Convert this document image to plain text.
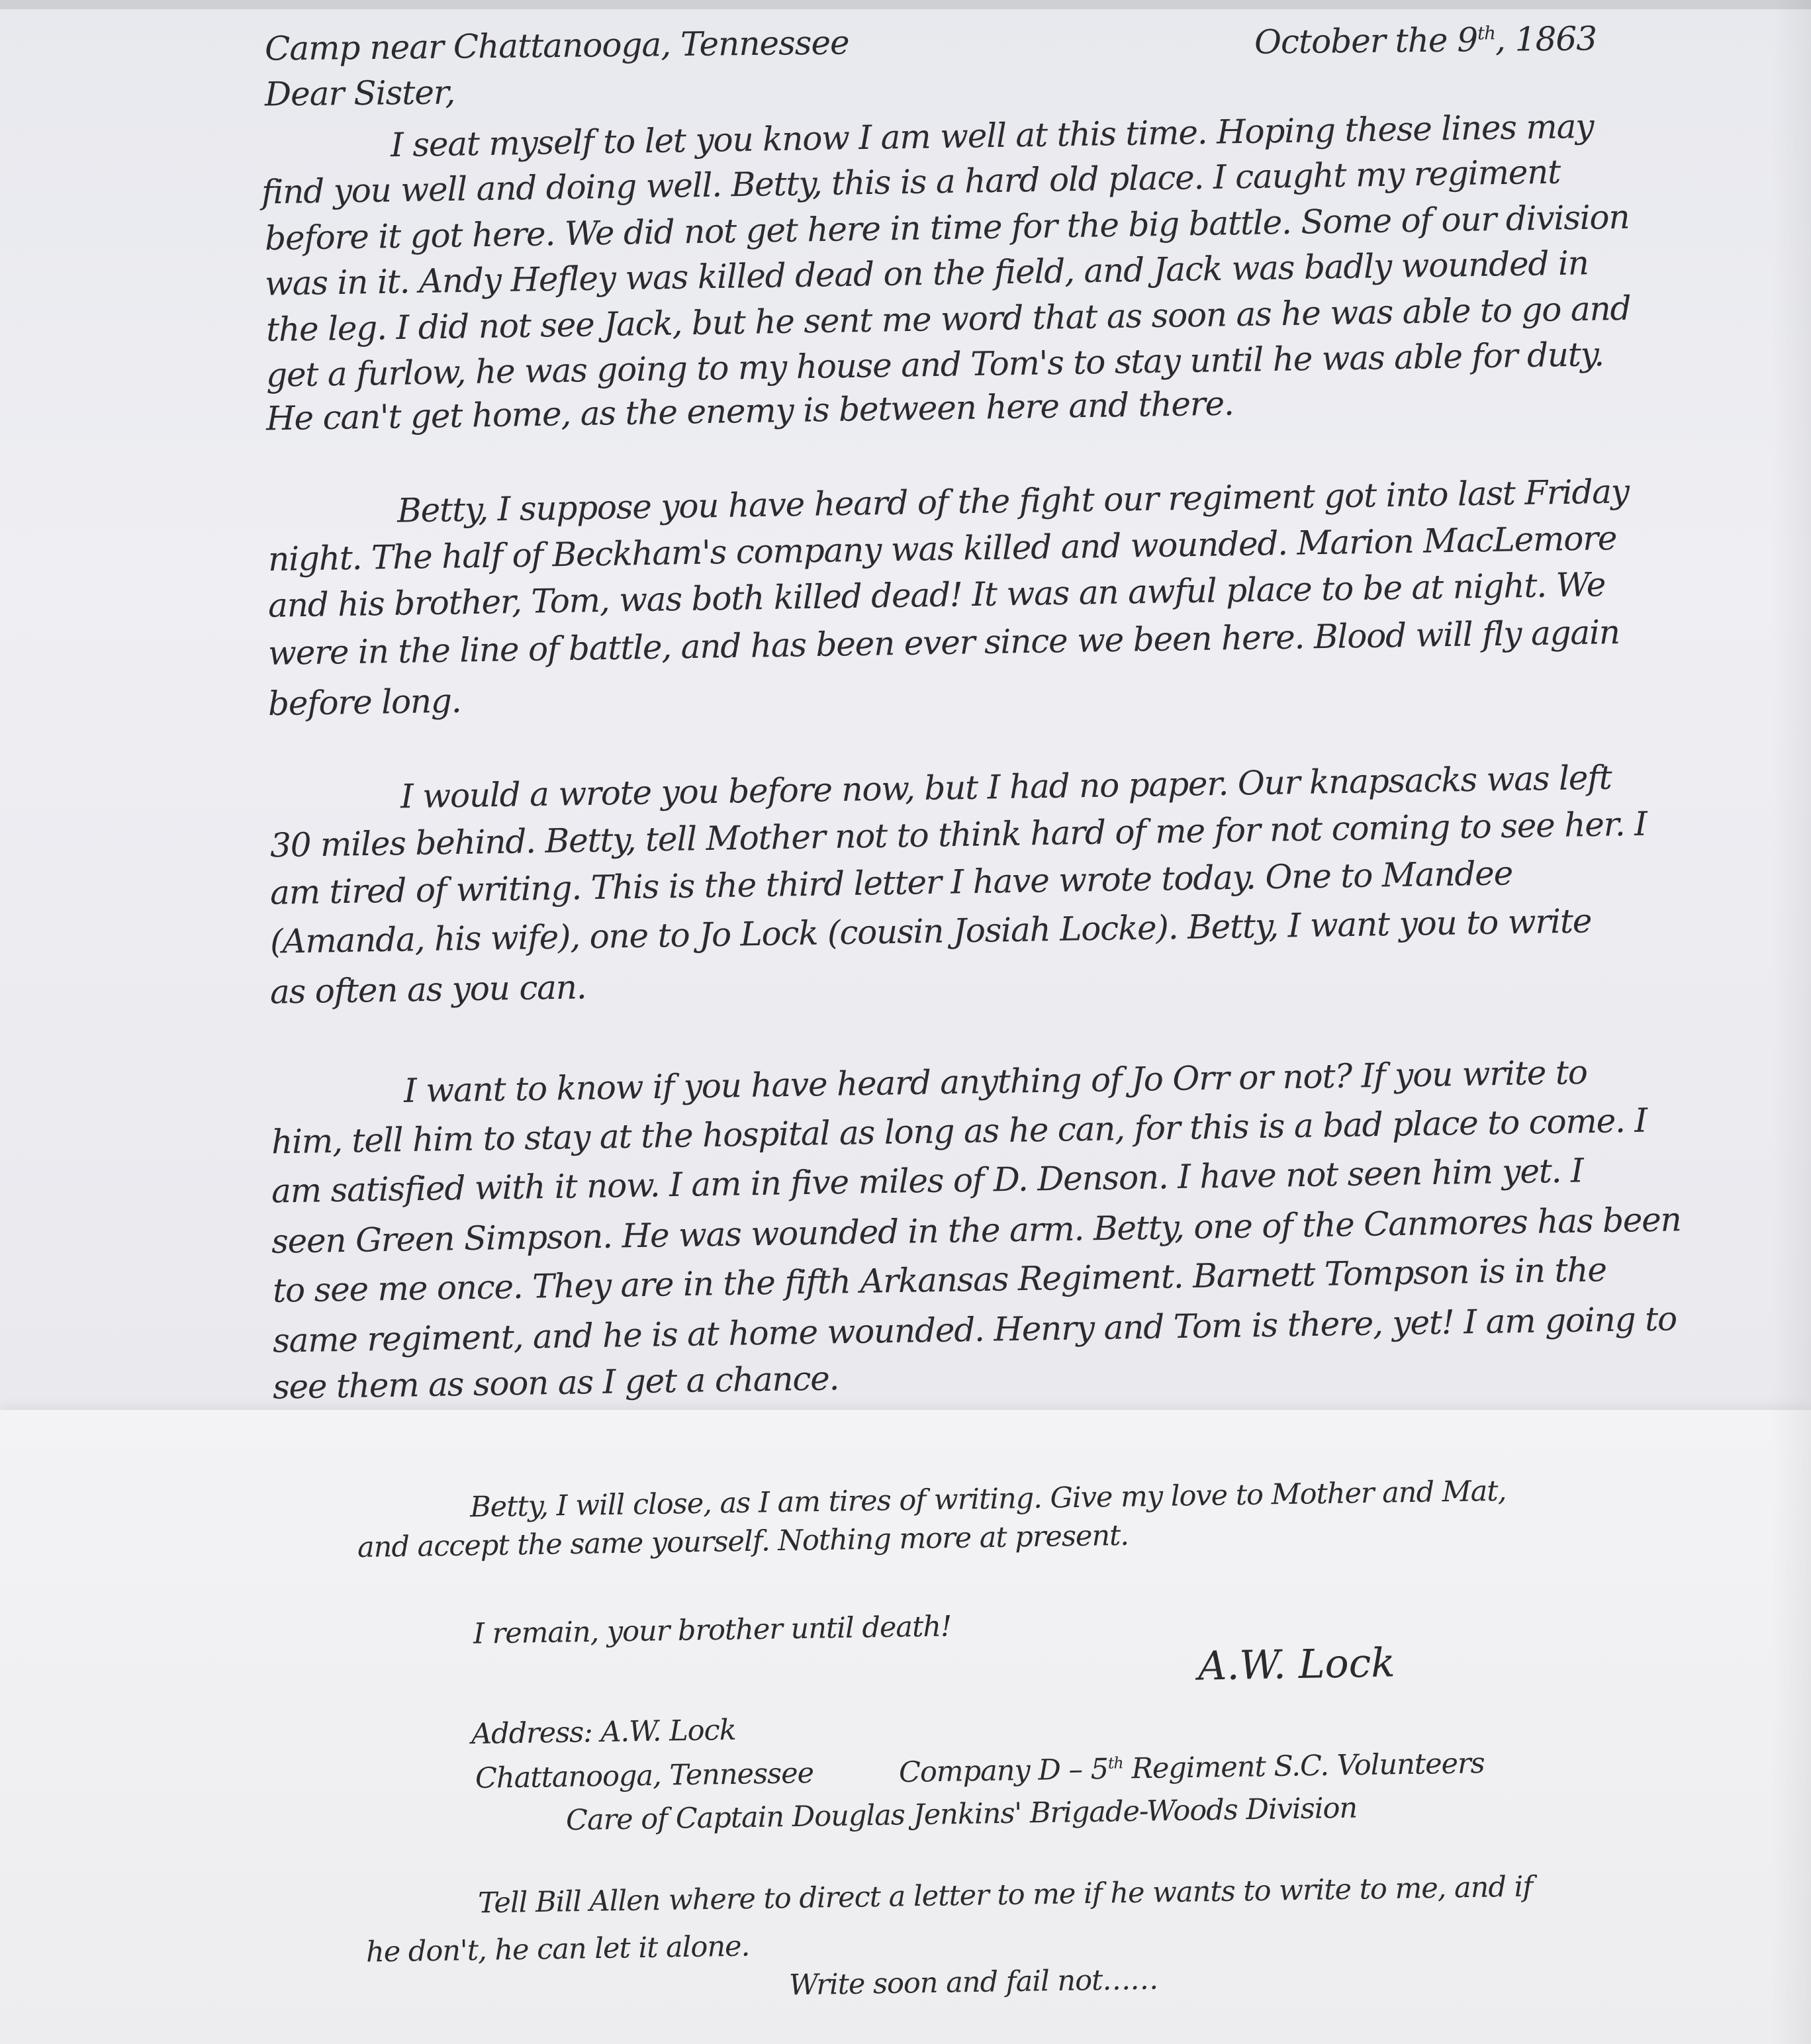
Camp near Chattanooga, Tennessee	October the 9th, 1863
Dear Sister,
I seat myself to let you know I am well at this time. Hoping these lines may
find you well and doing well. Betty, this is a hard old place. I caught my regiment
before it got here. We did not get here in time for the big battle. Some of our division
was in it. Andy Hefley was killed dead on the field, and Jack was badly wounded in
the leg. I did not see Jack, but he sent me word that as soon as he was able to go and
get a furlow, he was going to my house and Tom's to stay until he was able for duty.
He can't get home, as the enemy is between here and there.
Betty, I suppose you have heard of the fight our regiment got into last Friday
night. The half of Beckham's company was killed and wounded. Marion MacLemore
and his brother, Tom, was both killed dead! It was an awful place to be at night. We
were in the line of battle, and has been ever since we been here. Blood will fly again
before long.
I would a wrote you before now, but I had no paper. Our knapsacks was left
30 miles behind. Betty, tell Mother not to think hard of me for not coming to see her. I
am tired of writing. This is the third letter I have wrote today. One to Mandee
(Amanda, his wife), one to Jo Lock (cousin Josiah Locke). Betty, I want you to write
as often as you can.
I want to know if you have heard anything of Jo Orr or not? If you write to
him, tell him to stay at the hospital as long as he can, for this is a bad place to come. I
am satisfied with it now. I am in five miles of D. Denson. I have not seen him yet. I
seen Green Simpson. He was wounded in the arm. Betty, one of the Canmores has been
to see me once. They are in the fifth Arkansas Regiment. Barnett Tompson is in the
same regiment, and he is at home wounded. Henry and Tom is there, yet! I am going to
see them as soon as I get a chance.
Betty, I will close, as I am tires of writing. Give my love to Mother and Mat,
and accept the same yourself. Nothing more at present.
I remain, your brother until death!
A.W. Lock
Address: A.W. Lock
Chattanooga, Tennessee	Company D – 5th Regiment S.C. Volunteers
Care of Captain Douglas Jenkins' Brigade-Woods Division
Tell Bill Allen where to direct a letter to me if he wants to write to me, and if
he don't, he can let it alone.
Write soon and fail not……
